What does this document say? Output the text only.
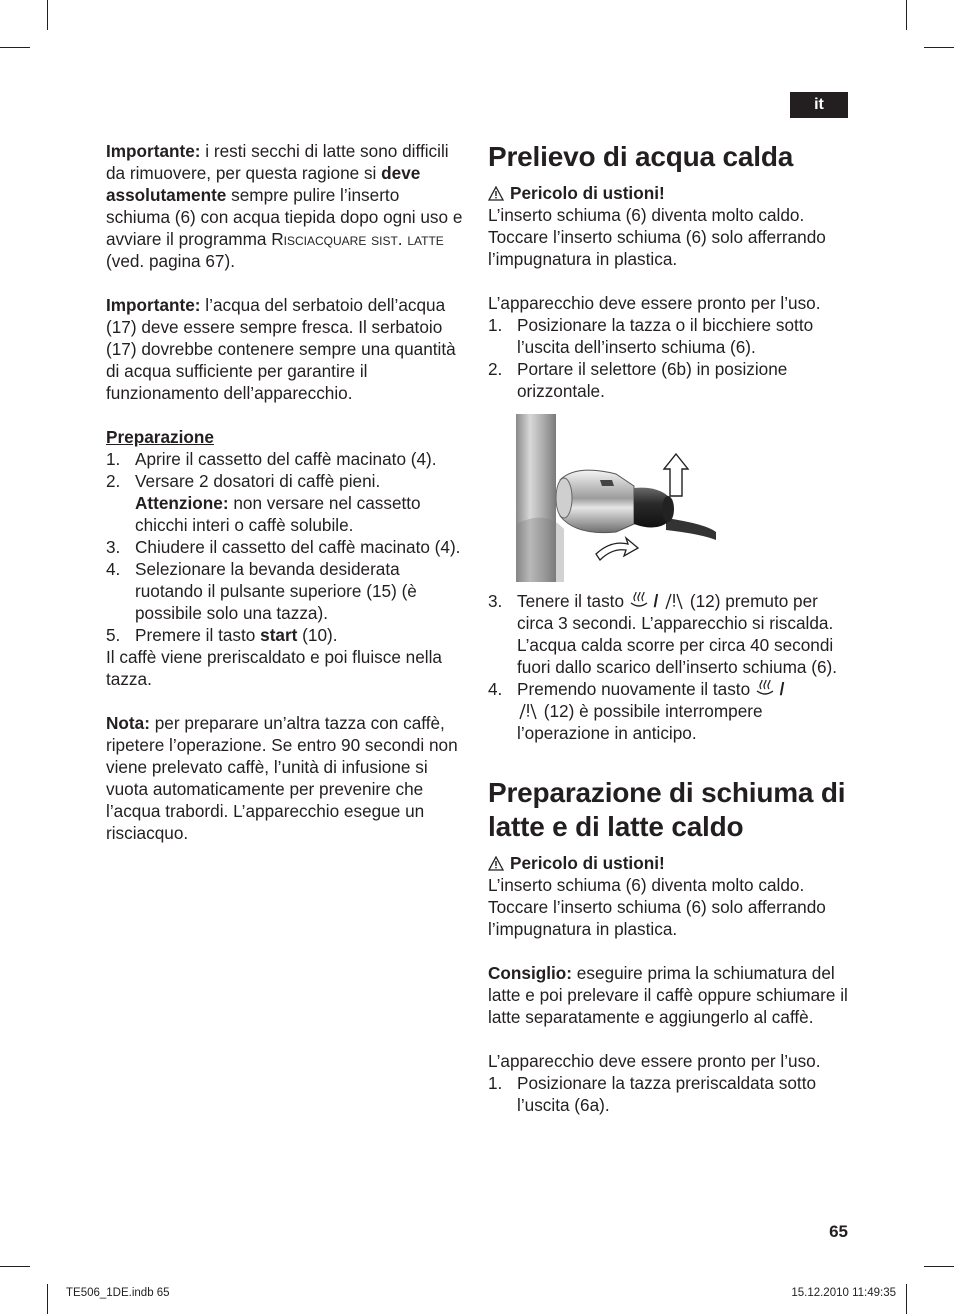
it

Importante: i resti secchi di latte sono difficili da rimuovere, per questa ragione si deve assolutamente sempre pulire l’inserto schiuma (6) con acqua tiepida dopo ogni uso e avviare il programma Risciacquare sist. latte (ved. pagina 67).

Importante: l’acqua del serbatoio dell’acqua (17) deve essere sempre fresca. Il serbatoio (17) dovrebbe contenere sempre una quantità di acqua sufficiente per garantire il funzionamento dell’apparecchio.

Preparazione

1. Aprire il cassetto del caffè macinato (4).
2. Versare 2 dosatori di caffè pieni.
Attenzione: non versare nel cassetto chicchi interi o caffè solubile.
3. Chiudere il cassetto del caffè macinato (4).
4. Selezionare la bevanda desiderata ruotando il pulsante superiore (15) (è possibile solo una tazza).
5. Premere il tasto start (10).

Il caffè viene preriscaldato e poi fluisce nella tazza.

Nota: per preparare un’altra tazza con caffè, ripetere l’operazione. Se entro 90 secondi non viene prelevato caffè, l’unità di infusione si vuota automaticamente per prevenire che l’acqua trabordi. L’apparecchio esegue un risciacquo.

Prelievo di acqua calda

Pericolo di ustioni!

L’inserto schiuma (6) diventa molto caldo. Toccare l’inserto schiuma (6) solo afferrando l’impugnatura in plastica.

L’apparecchio deve essere pronto per l’uso.

1. Posizionare la tazza o il bicchiere sotto l’uscita dell’inserto schiuma (6).
2. Portare il selettore (6b) in posizione orizzontale.
3. Tenere il tasto  /  (12) premuto per circa 3 secondi. L’apparecchio si riscalda. L’acqua calda scorre per circa 40 secondi fuori dallo scarico dell’inserto schiuma (6).
4. Premendo nuovamente il tasto  /
(12) è possibile interrompere l’operazione in anticipo.
Preparazione di schiuma di latte e di latte caldo

Pericolo di ustioni!

L’inserto schiuma (6) diventa molto caldo. Toccare l’inserto schiuma (6) solo afferrando l’impugnatura in plastica.

Consiglio: eseguire prima la schiumatura del latte e poi prelevare il caffè oppure schiumare il latte separatamente e aggiungerlo al caffè.

L’apparecchio deve essere pronto per l’uso.

1. Posizionare la tazza preriscaldata sotto l’uscita (6a).
65
TE506_1DE.indb 65	15.12.2010 11:49:35
